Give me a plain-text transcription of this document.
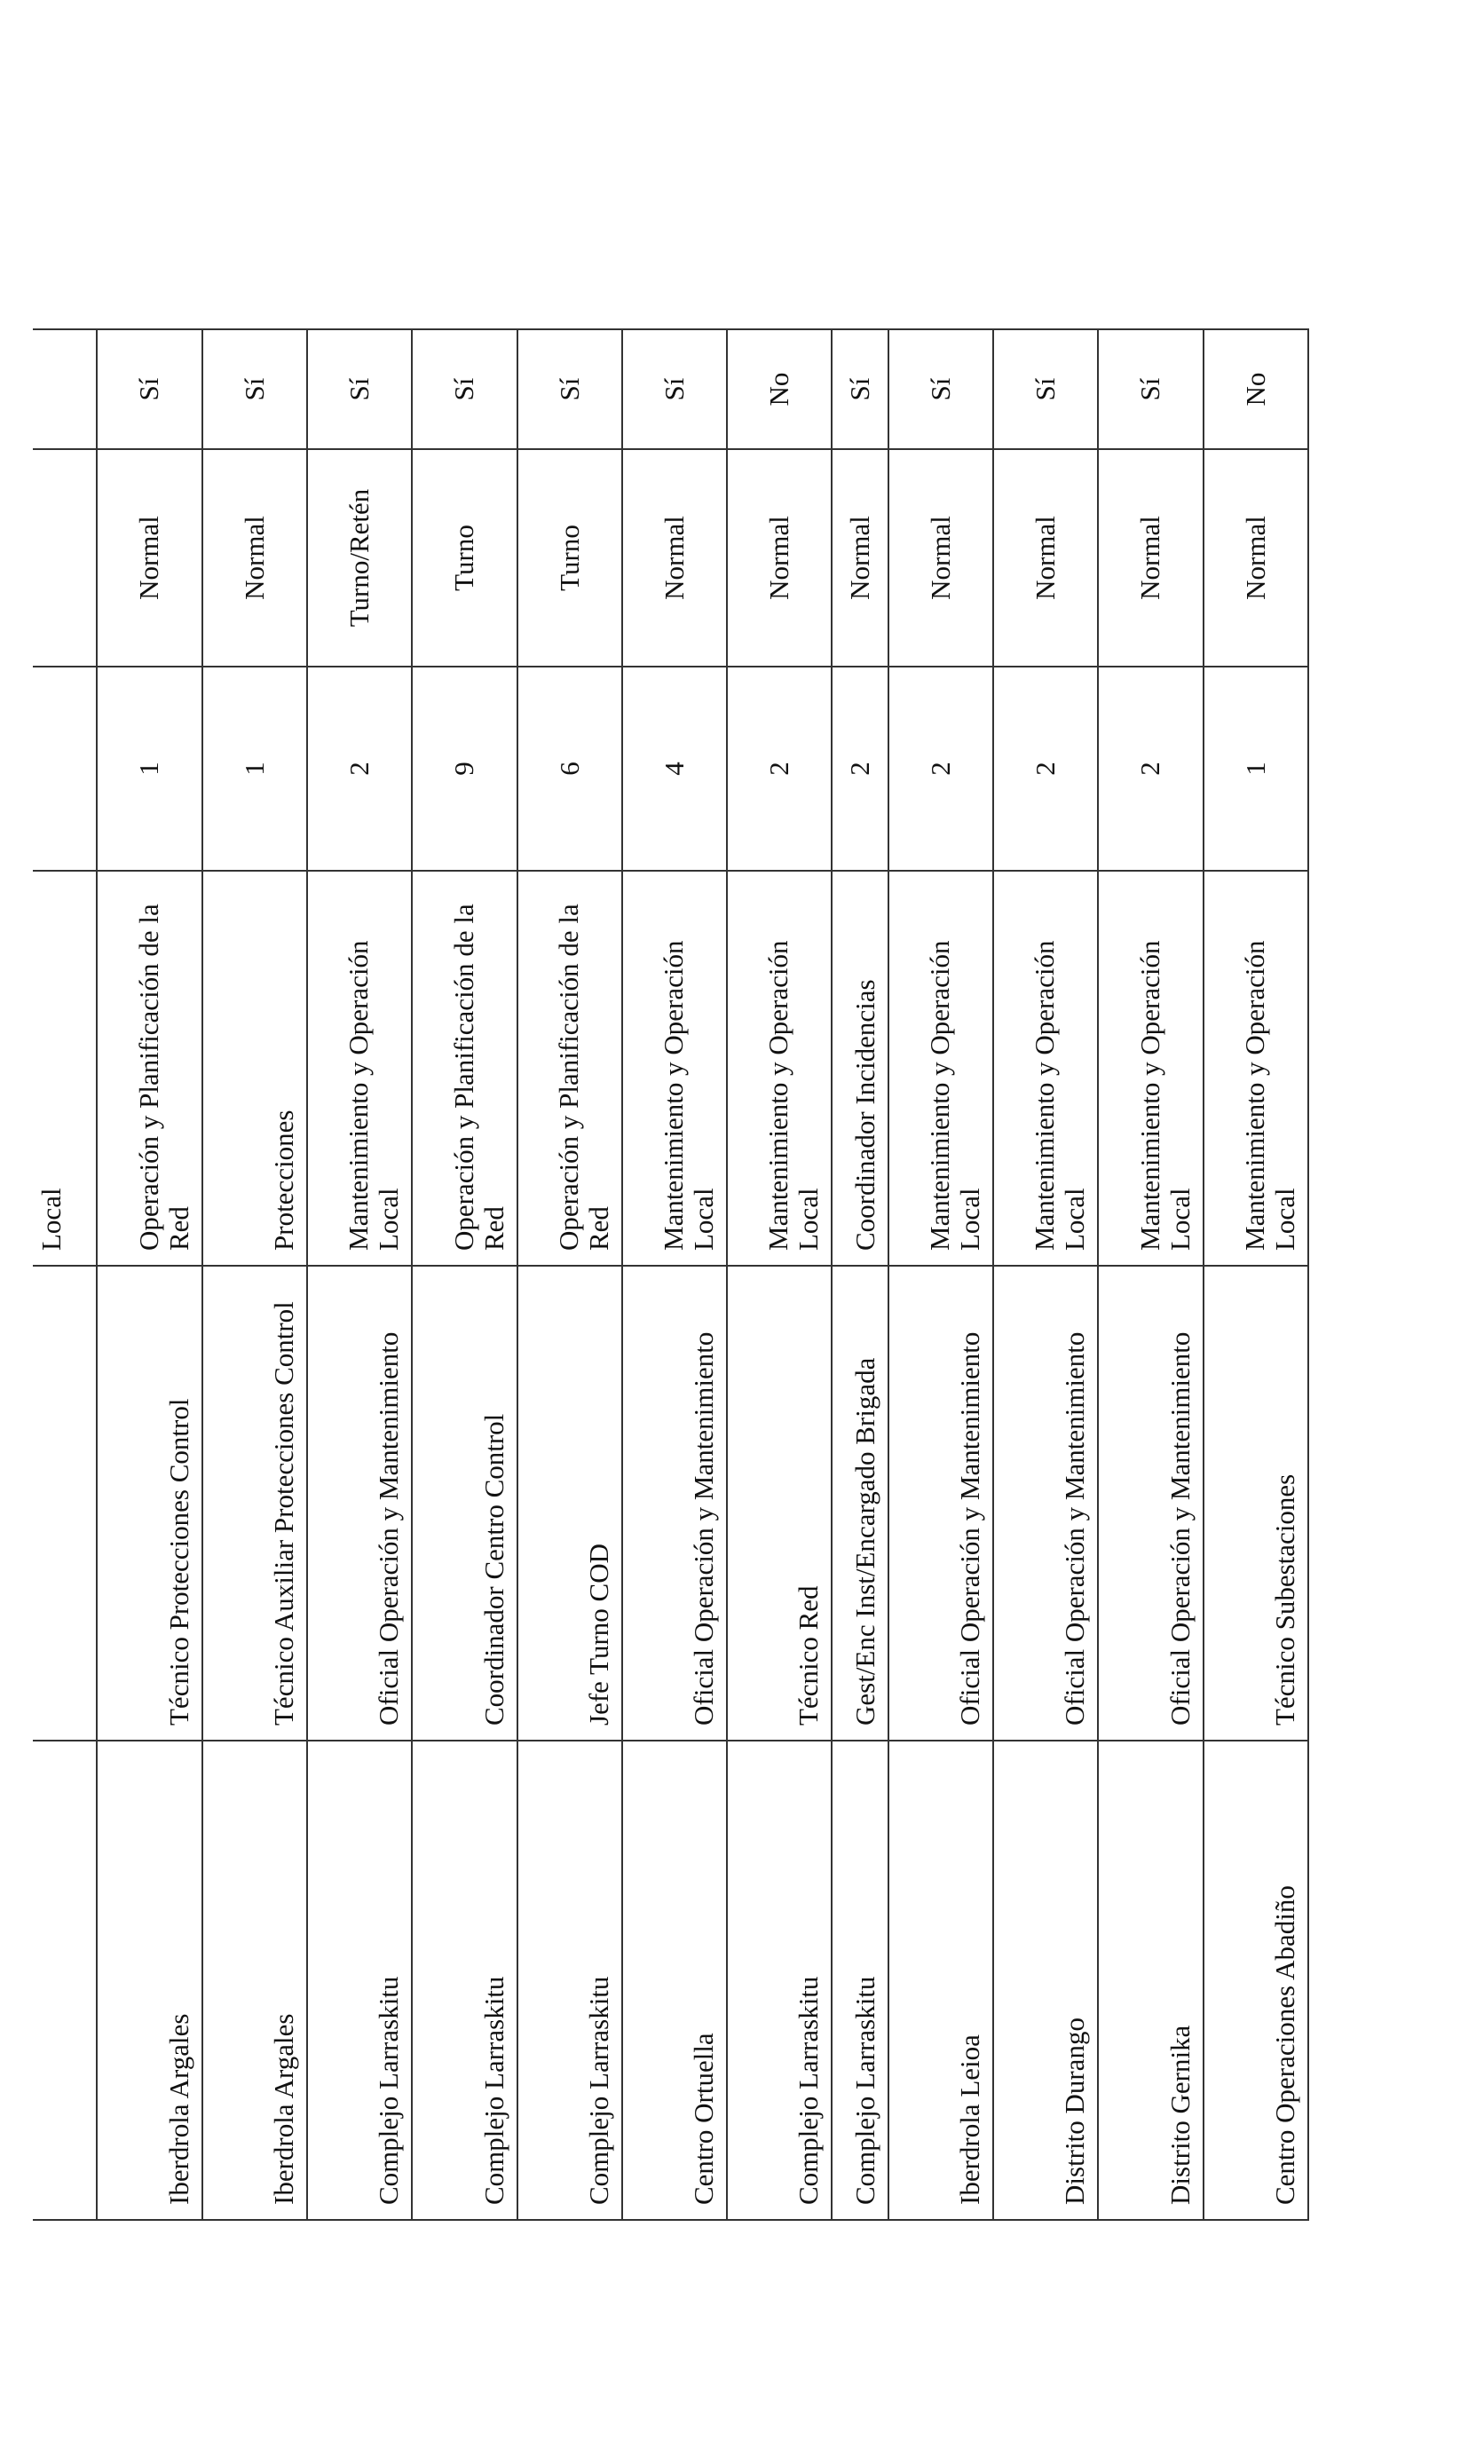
		Local			
Iberdrola Argales	Técnico Protecciones Control	Operación y Planificación de la Red	1	Normal	Sí
Iberdrola Argales	Técnico Auxiliar Protecciones Control	Protecciones	1	Normal	Sí
Complejo Larraskitu	Oficial Operación y Mantenimiento	Mantenimiento y Operación Local	2	Turno/Retén	Sí
Complejo Larraskitu	Coordinador Centro Control	Operación y Planificación de la Red	9	Turno	Sí
Complejo Larraskitu	Jefe Turno COD	Operación y Planificación de la Red	6	Turno	Sí
Centro Ortuella	Oficial Operación y Mantenimiento	Mantenimiento y Operación Local	4	Normal	Sí
Complejo Larraskitu	Técnico Red	Mantenimiento y Operación Local	2	Normal	No
Complejo Larraskitu	Gest/Enc Inst/Encargado Brigada	Coordinador Incidencias	2	Normal	Sí
Iberdrola Leioa	Oficial Operación y Mantenimiento	Mantenimiento y Operación Local	2	Normal	Sí
Distrito Durango	Oficial Operación y Mantenimiento	Mantenimiento y Operación Local	2	Normal	Sí
Distrito Gernika	Oficial Operación y Mantenimiento	Mantenimiento y Operación Local	2	Normal	Sí
Centro Operaciones Abadiño	Técnico Subestaciones	Mantenimiento y Operación Local	1	Normal	No
